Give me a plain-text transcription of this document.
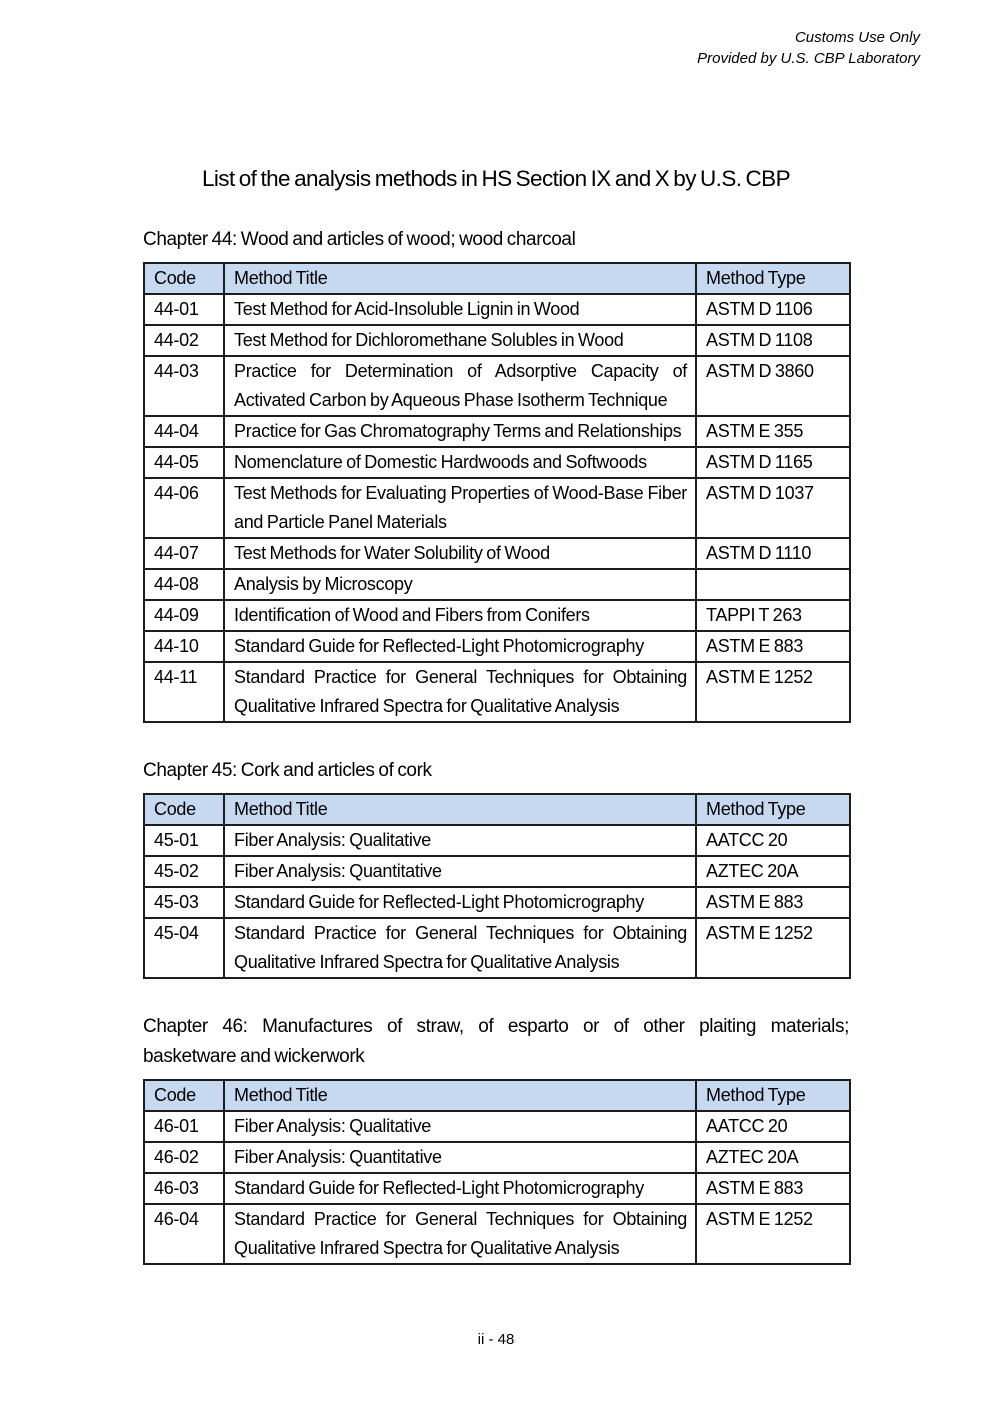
Customs Use Only
Provided by U.S. CBP Laboratory
List of the analysis methods in HS Section IX and X by U.S. CBP
Chapter 44: Wood and articles of wood; wood charcoal
Code	Method Title	Method Type
44-01	Test Method for Acid-Insoluble Lignin in Wood	ASTM D 1106
44-02	Test Method for Dichloromethane Solubles in Wood	ASTM D 1108
44-03	Practice for Determination of Adsorptive Capacity of Activated Carbon by Aqueous Phase Isotherm Technique	ASTM D 3860
44-04	Practice for Gas Chromatography Terms and Relationships	ASTM E 355
44-05	Nomenclature of Domestic Hardwoods and Softwoods	ASTM D 1165
44-06	Test Methods for Evaluating Properties of Wood-Base Fiber and Particle Panel Materials	ASTM D 1037
44-07	Test Methods for Water Solubility of Wood	ASTM D 1110
44-08	Analysis by Microscopy	
44-09	Identification of Wood and Fibers from Conifers	TAPPI T 263
44-10	Standard Guide for Reflected-Light Photomicrography	ASTM E 883
44-11	Standard Practice for General Techniques for Obtaining Qualitative Infrared Spectra for Qualitative Analysis	ASTM E 1252
Chapter 45: Cork and articles of cork
Code	Method Title	Method Type
45-01	Fiber Analysis: Qualitative	AATCC 20
45-02	Fiber Analysis: Quantitative	AZTEC 20A
45-03	Standard Guide for Reflected-Light Photomicrography	ASTM E 883
45-04	Standard Practice for General Techniques for Obtaining Qualitative Infrared Spectra for Qualitative Analysis	ASTM E 1252
Chapter 46: Manufactures of straw, of esparto or of other plaiting materials;
basketware and wickerwork
Code	Method Title	Method Type
46-01	Fiber Analysis: Qualitative	AATCC 20
46-02	Fiber Analysis: Quantitative	AZTEC 20A
46-03	Standard Guide for Reflected-Light Photomicrography	ASTM E 883
46-04	Standard Practice for General Techniques for Obtaining Qualitative Infrared Spectra for Qualitative Analysis	ASTM E 1252
ii - 48
